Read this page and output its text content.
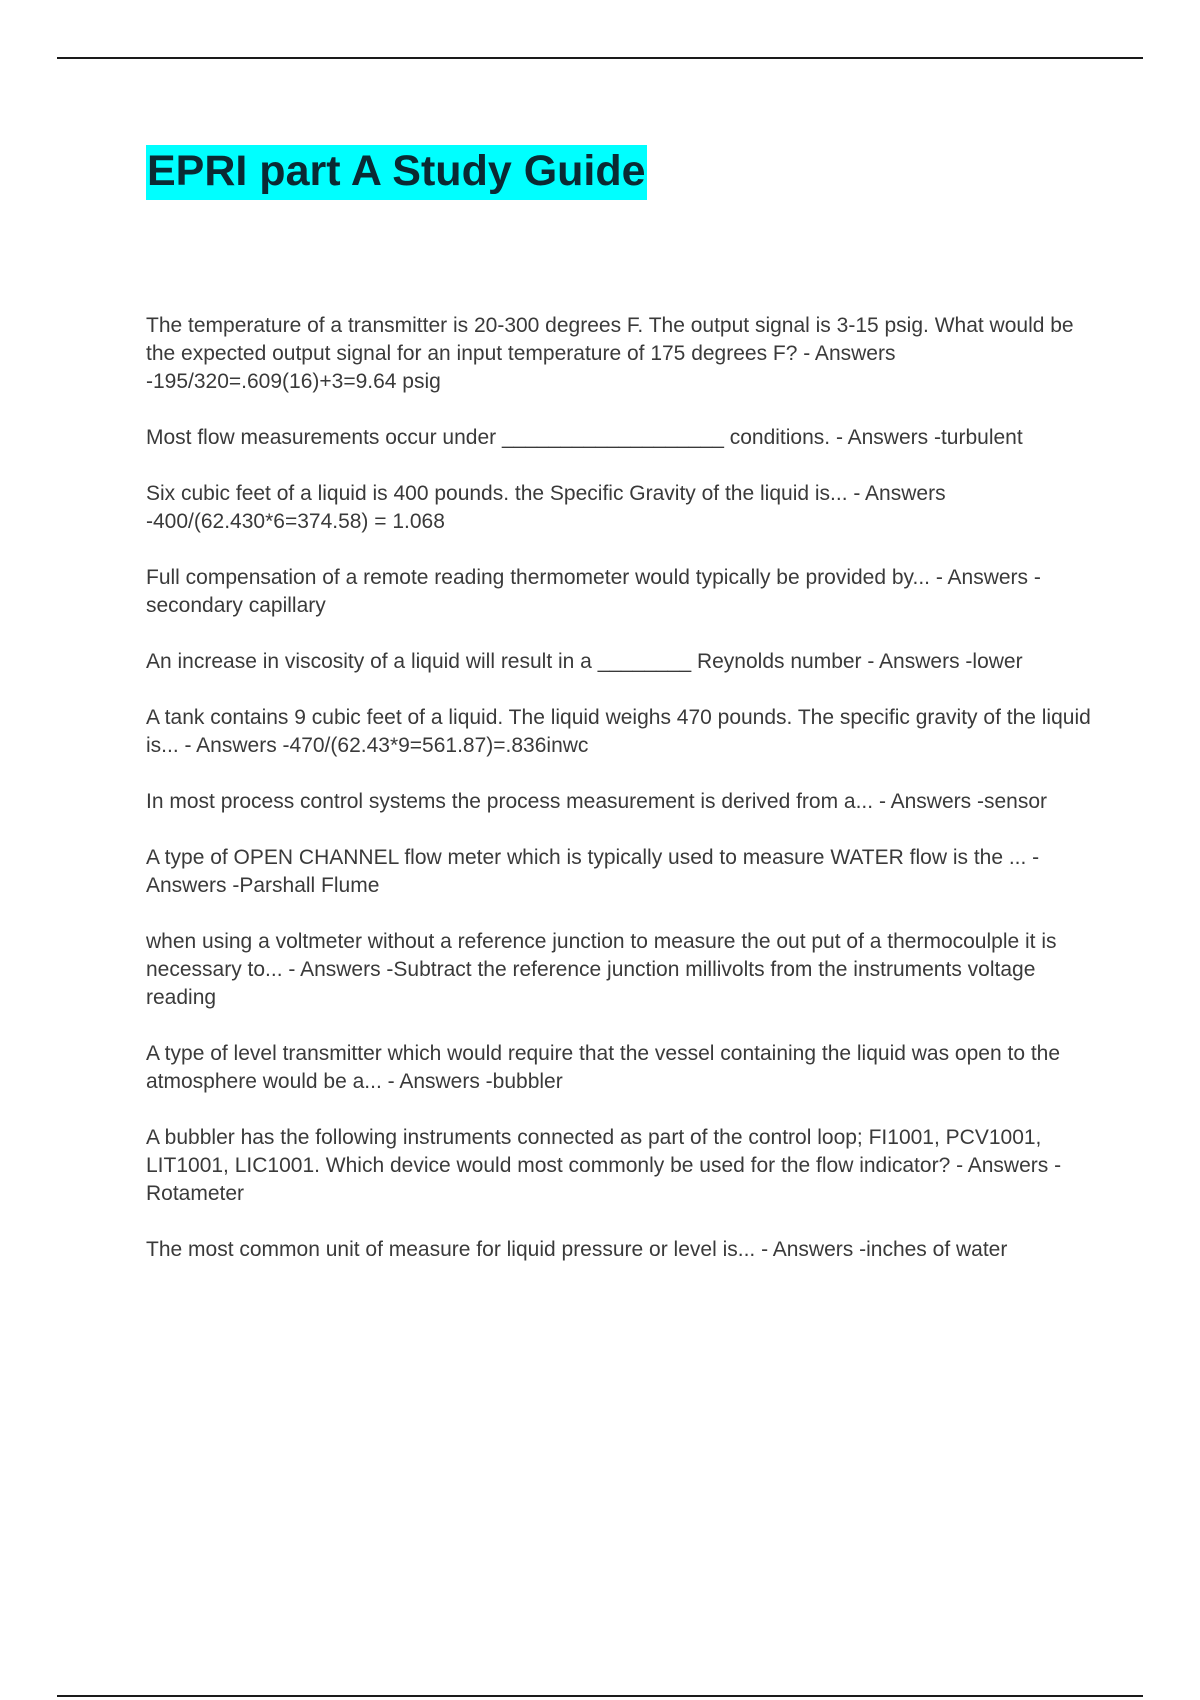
EPRI part A Study Guide
The temperature of a transmitter is 20-300 degrees F. The output signal is 3-15 psig. What would be the expected output signal for an input temperature of 175 degrees F? - Answers -195/320=.609(16)+3=9.64 psig
Most flow measurements occur under ___________________ conditions. - Answers -turbulent
Six cubic feet of a liquid is 400 pounds. the Specific Gravity of the liquid is... - Answers -400/(62.430*6=374.58) = 1.068
Full compensation of a remote reading thermometer would typically be provided by... - Answers -secondary capillary
An increase in viscosity of a liquid will result in a ________ Reynolds number - Answers -lower
A tank contains 9 cubic feet of a liquid. The liquid weighs 470 pounds. The specific gravity of the liquid is... - Answers -470/(62.43*9=561.87)=.836inwc
In most process control systems the process measurement is derived from a... - Answers -sensor
A type of OPEN CHANNEL flow meter which is typically used to measure WATER flow is the ... - Answers -Parshall Flume
when using a voltmeter without a reference junction to measure the out put of a thermocoulple it is necessary to... - Answers -Subtract the reference junction millivolts from the instruments voltage reading
A type of level transmitter which would require that the vessel containing the liquid was open to the atmosphere would be a... - Answers -bubbler
A bubbler has the following instruments connected as part of the control loop; FI1001, PCV1001, LIT1001, LIC1001. Which device would most commonly be used for the flow indicator? - Answers -Rotameter
The most common unit of measure for liquid pressure or level is... - Answers -inches of water
